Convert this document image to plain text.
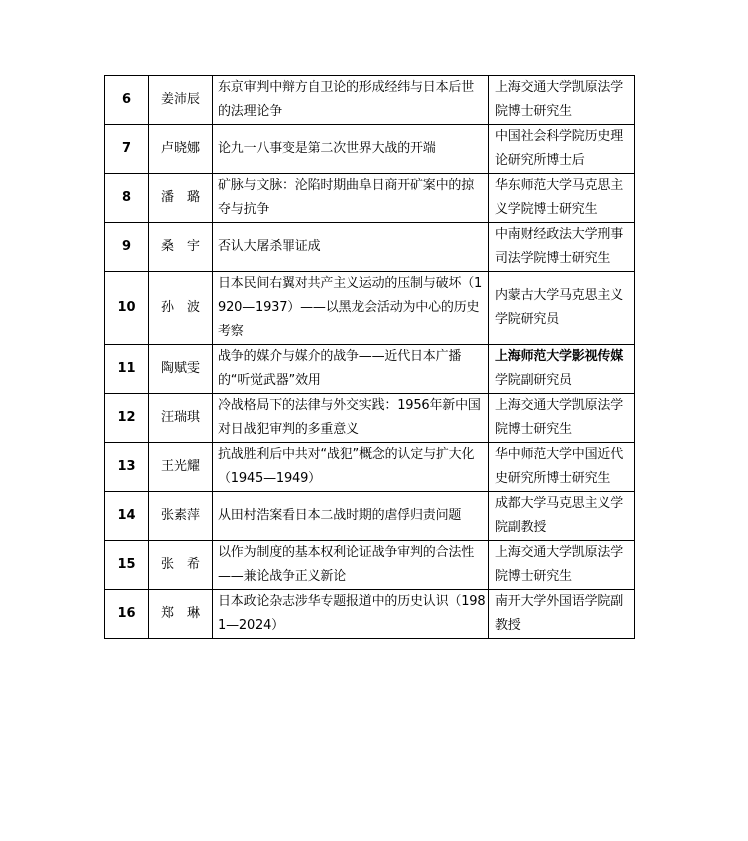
6	姜沛辰	东京审判中辩方自卫论的形成经纬与日本后世的法理论争	上海交通大学凯原法学院博士研究生

7	卢晓娜	论九一八事变是第二次世界大战的开端	中国社会科学院历史理论研究所博士后

8	潘　璐	矿脉与文脉：沦陷时期曲阜日商开矿案中的掠夺与抗争	华东师范大学马克思主义学院博士研究生

9	桑　宇	否认大屠杀罪证成	中南财经政法大学刑事司法学院博士研究生

10	孙　波	日本民间右翼对共产主义运动的压制与破坏（1920—1937）——以黑龙会活动为中心的历史考察	内蒙古大学马克思主义学院研究员

11	陶赋雯	战争的媒介与媒介的战争——近代日本广播的“听觉武器”效用	上海师范大学影视传媒学院副研究员

12	汪瑞琪	冷战格局下的法律与外交实践：1956年新中国对日战犯审判的多重意义	上海交通大学凯原法学院博士研究生

13	王光耀	抗战胜利后中共对“战犯”概念的认定与扩大化（1945—1949）	华中师范大学中国近代史研究所博士研究生

14	张素萍	从田村浩案看日本二战时期的虐俘归责问题	成都大学马克思主义学院副教授

15	张　希	以作为制度的基本权利论证战争审判的合法性——兼论战争正义新论	上海交通大学凯原法学院博士研究生

16	郑　琳	日本政论杂志涉华专题报道中的历史认识（1981—2024）	南开大学外国语学院副教授
